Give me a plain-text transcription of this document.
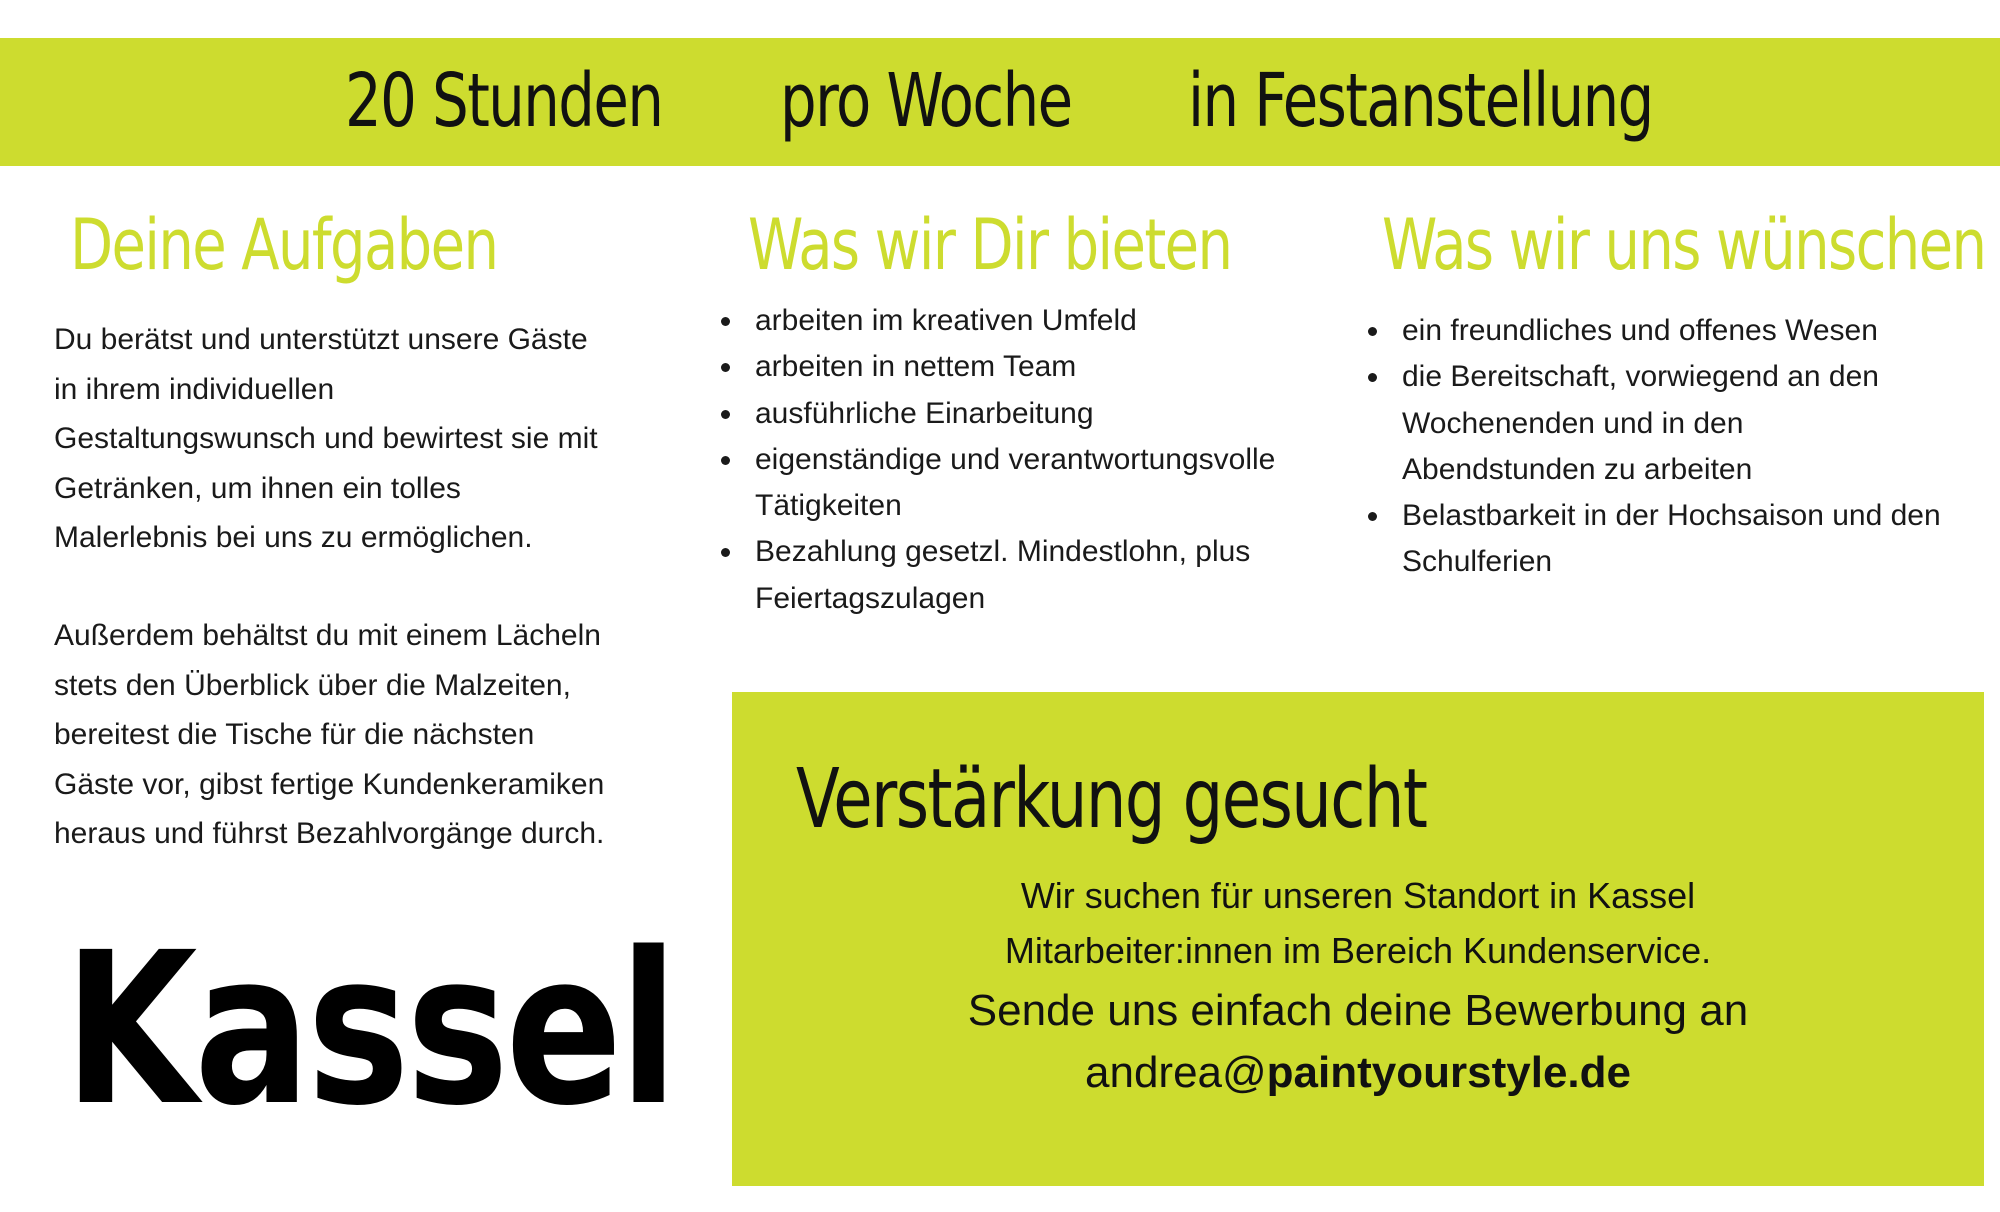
20 Stunden pro Woche in Festanstellung
Deine Aufgaben	Was wir Dir bieten Was wir uns wünschen
Du berätst und unterstützt unsere Gäste
in ihrem individuellen
Gestaltungswunsch und bewirtest sie mit
Getränken, um ihnen ein tolles
Malerlebnis bei uns zu ermöglichen.
Außerdem behältst du mit einem Lächeln
stets den Überblick über die Malzeiten,
bereitest die Tische für die nächsten
Gäste vor, gibst fertige Kundenkeramiken
heraus und führst Bezahlvorgänge durch.
• arbeiten im kreativen Umfeld
• arbeiten in nettem Team
• ausführliche Einarbeitung
• eigenständige und verantwortungsvolle Tätigkeiten
• Bezahlung gesetzl. Mindestlohn, plus Feiertagszulagen
• ein freundliches und offenes Wesen
• die Bereitschaft, vorwiegend an den Wochenenden und in den Abendstunden zu arbeiten
• Belastbarkeit in der Hochsaison und den Schulferien
Kassel
Verstärkung gesucht
Wir suchen für unseren Standort in Kassel
Mitarbeiter:innen im Bereich Kundenservice.
Sende uns einfach deine Bewerbung an
andrea@paintyourstyle.de
